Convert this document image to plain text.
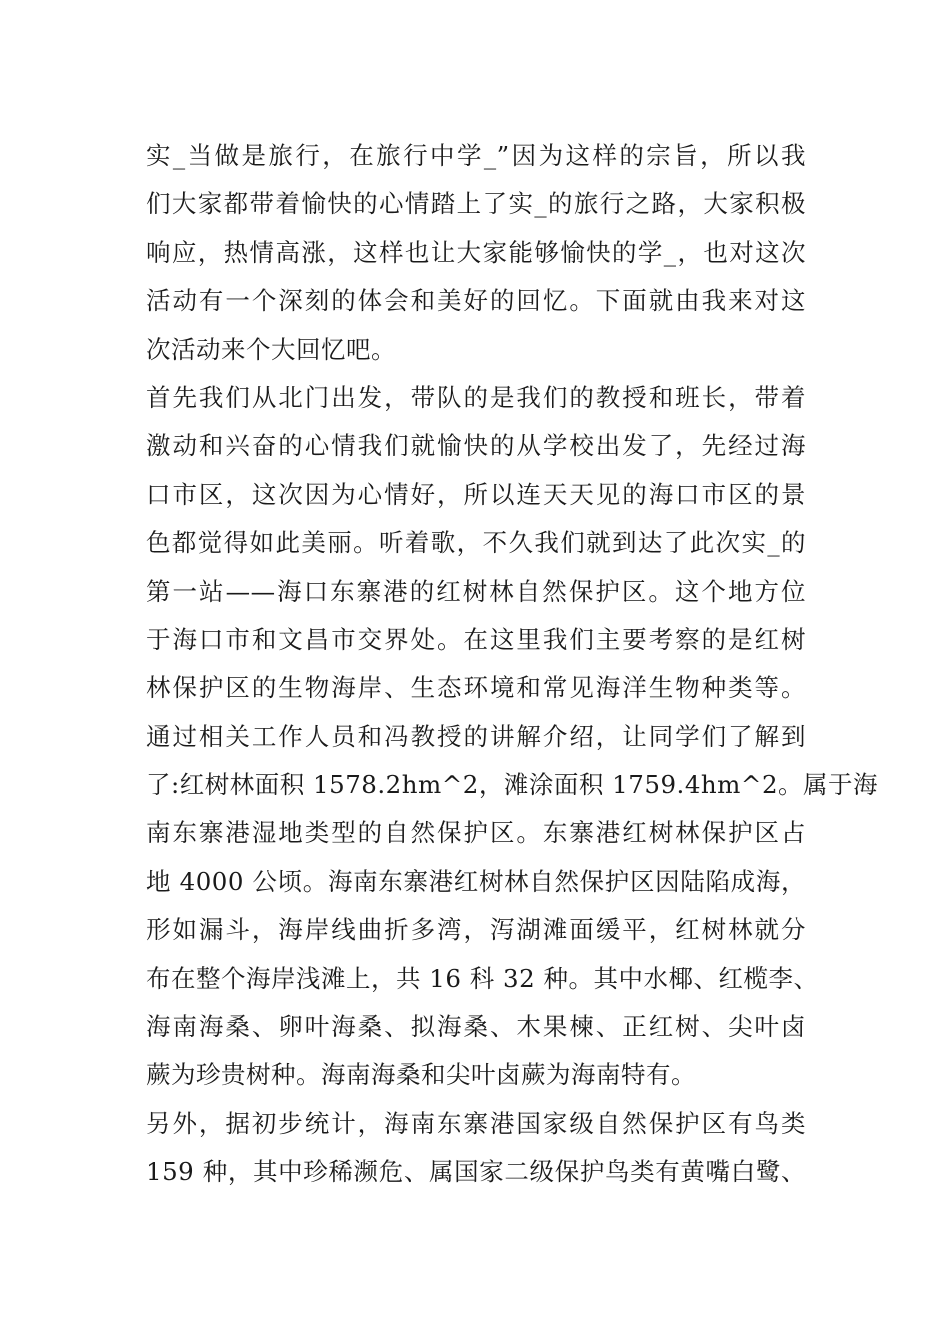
实_当做是旅行，在旅行中学_”因为这样的宗旨，所以我
们大家都带着愉快的心情踏上了实_的旅行之路，大家积极
响应，热情高涨，这样也让大家能够愉快的学_，也对这次
活动有一个深刻的体会和美好的回忆。下面就由我来对这
次活动来个大回忆吧。
首先我们从北门出发，带队的是我们的教授和班长，带着
激动和兴奋的心情我们就愉快的从学校出发了，先经过海
口市区，这次因为心情好，所以连天天见的海口市区的景
色都觉得如此美丽。听着歌，不久我们就到达了此次实_的
第一站——海口东寨港的红树林自然保护区。这个地方位
于海口市和文昌市交界处。在这里我们主要考察的是红树
林保护区的生物海岸、生态环境和常见海洋生物种类等。
通过相关工作人员和冯教授的讲解介绍，让同学们了解到
了:红树林面积 1578.2hm^2，滩涂面积 1759.4hm^2。属于海
南东寨港湿地类型的自然保护区。东寨港红树林保护区占
地 4000 公顷。海南东寨港红树林自然保护区因陆陷成海，
形如漏斗，海岸线曲折多湾，泻湖滩面缓平，红树林就分
布在整个海岸浅滩上，共 16 科 32 种。其中水椰、红榄李、
海南海桑、卵叶海桑、拟海桑、木果楝、正红树、尖叶卤
蕨为珍贵树种。海南海桑和尖叶卤蕨为海南特有。
另外，据初步统计，海南东寨港国家级自然保护区有鸟类
159 种，其中珍稀濒危、属国家二级保护鸟类有黄嘴白鹭、
